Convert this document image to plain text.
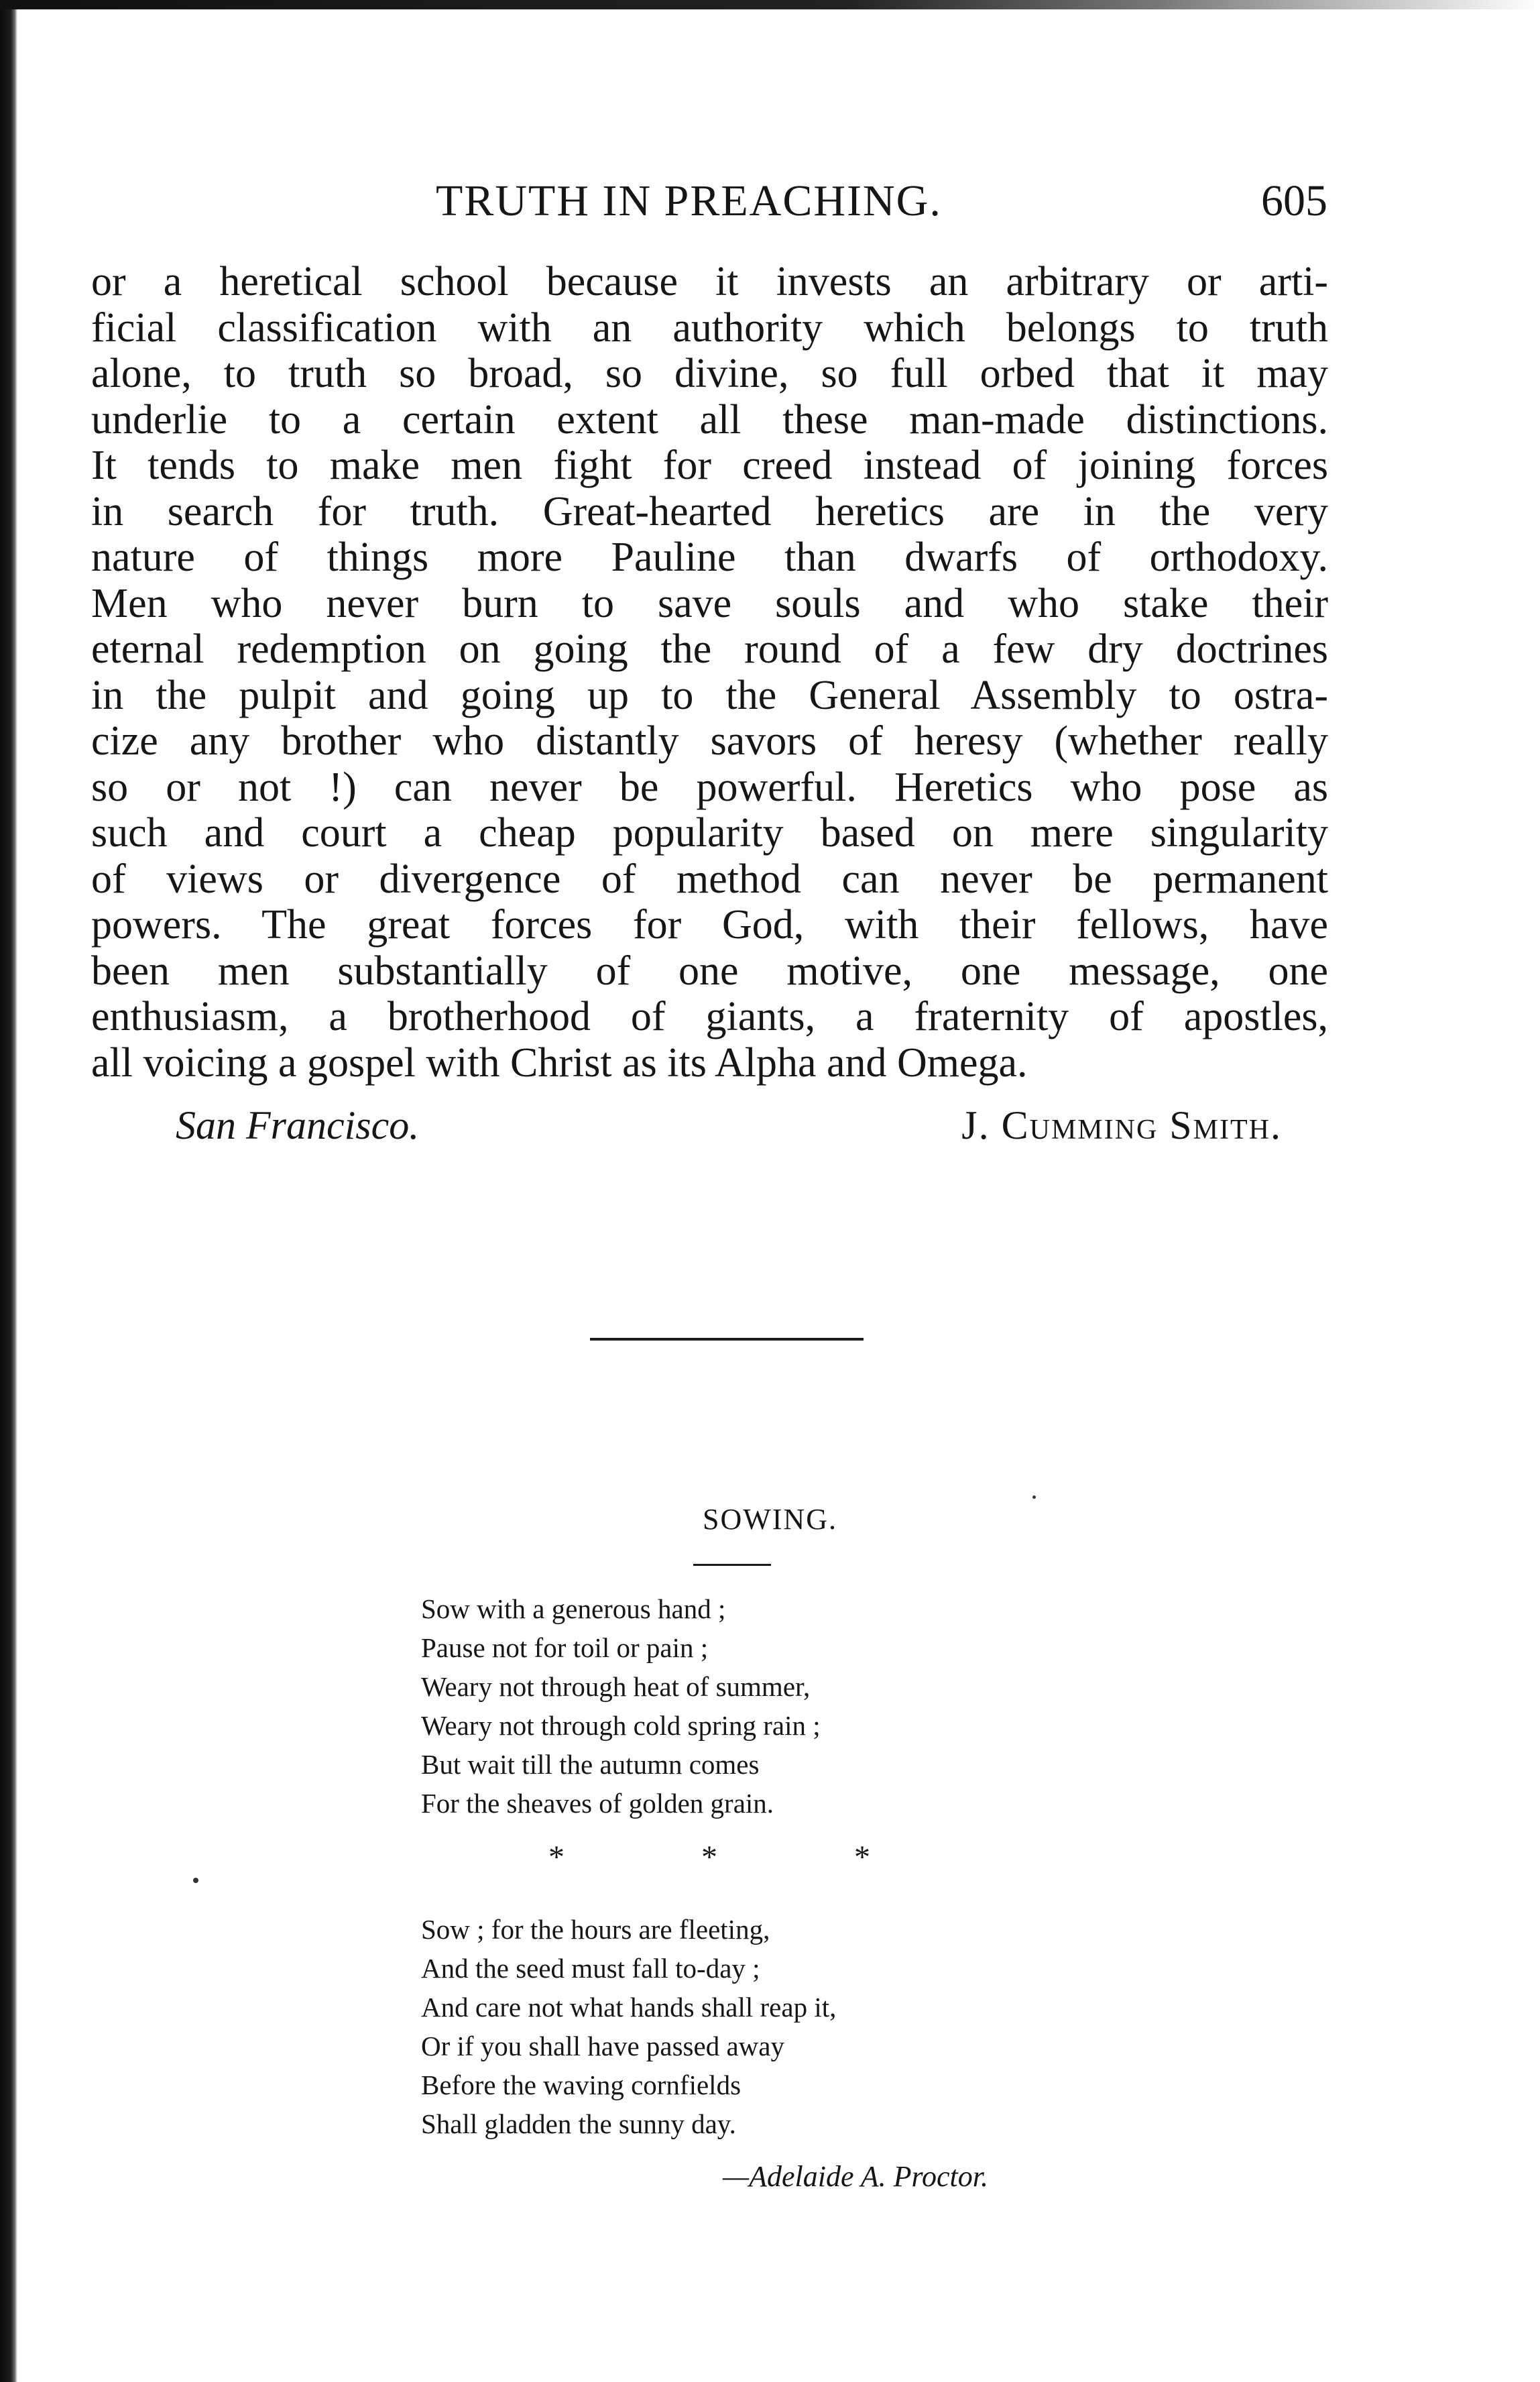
TRUTH IN PREACHING.	605
or a heretical school because it invests an arbitrary or arti-
ficial classification with an authority which belongs to truth
alone, to truth so broad, so divine, so full orbed that it may
underlie to a certain extent all these man-made distinctions.
It tends to make men fight for creed instead of joining forces
in search for truth. Great-hearted heretics are in the very
nature of things more Pauline than dwarfs of orthodoxy.
Men who never burn to save souls and who stake their
eternal redemption on going the round of a few dry doctrines
in the pulpit and going up to the General Assembly to ostra-
cize any brother who distantly savors of heresy (whether really
so or not !) can never be powerful. Heretics who pose as
such and court a cheap popularity based on mere singularity
of views or divergence of method can never be permanent
powers. The great forces for God, with their fellows, have
been men substantially of one motive, one message, one
enthusiasm, a brotherhood of giants, a fraternity of apostles,
all voicing a gospel with Christ as its Alpha and Omega.
San Francisco.	J. Cumming Smith.
SOWING.
Sow with a generous hand ;
Pause not for toil or pain ;
Weary not through heat of summer,
Weary not through cold spring rain ;
But wait till the autumn comes
For the sheaves of golden grain.
*	*	*
Sow ; for the hours are fleeting,
And the seed must fall to-day ;
And care not what hands shall reap it,
Or if you shall have passed away
Before the waving cornfields
Shall gladden the sunny day.
—Adelaide A. Proctor.
